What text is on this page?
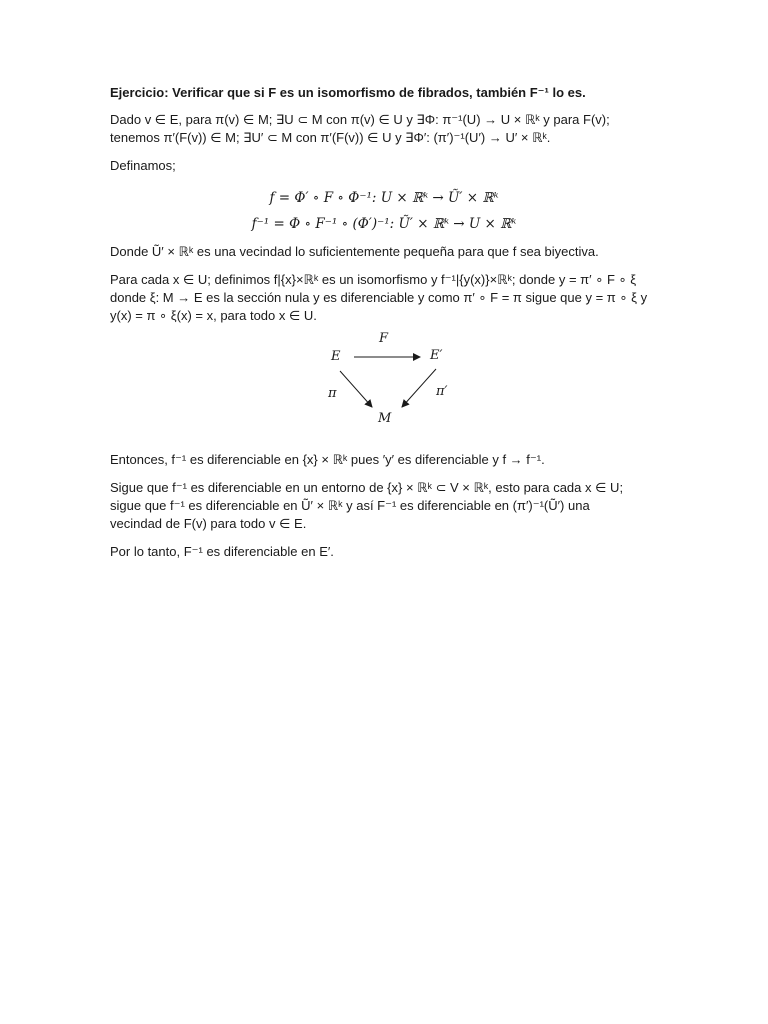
Ejercicio: Verificar que si F es un isomorfismo de fibrados, también F⁻¹ lo es.

Dado v ∈ E, para π(v) ∈ M; ∃U ⊂ M con π(v) ∈ U y ∃Φ: π⁻¹(U) → U × ℝᵏ y para F(v);
tenemos π′(F(v)) ∈ M; ∃U′ ⊂ M con π′(F(v)) ∈ U y ∃Φ′: (π′)⁻¹(U′) → U′ × ℝᵏ.

Definamos;

f = Φ′ ∘ F ∘ Φ⁻¹: U × ℝᵏ → Ũ′ × ℝᵏ
f⁻¹ = Φ ∘ F⁻¹ ∘ (Φ′)⁻¹: Ũ′ × ℝᵏ → U × ℝᵏ

Donde Ũ′ × ℝᵏ es una vecindad lo suficientemente pequeña para que f sea biyectiva.

Para cada x ∈ U; definimos f|{x}×ℝᵏ es un isomorfismo y f⁻¹|{y(x)}×ℝᵏ; donde y = π′ ∘ F ∘ ξ
donde ξ: M → E es la sección nula y es diferenciable y como π′ ∘ F = π sigue que y = π ∘ ξ y
y(x) = π ∘ ξ(x) = x, para todo x ∈ U.

F
E	E′
π	π′
M

Entonces, f⁻¹ es diferenciable en {x} × ℝᵏ pues ′y′ es diferenciable y f → f⁻¹.

Sigue que f⁻¹ es diferenciable en un entorno de {x} × ℝᵏ ⊂ V × ℝᵏ, esto para cada x ∈ U;
sigue que f⁻¹ es diferenciable en Ũ′ × ℝᵏ y así F⁻¹ es diferenciable en (π′)⁻¹(Ũ′) una
vecindad de F(v) para todo v ∈ E.

Por lo tanto, F⁻¹ es diferenciable en E′.
